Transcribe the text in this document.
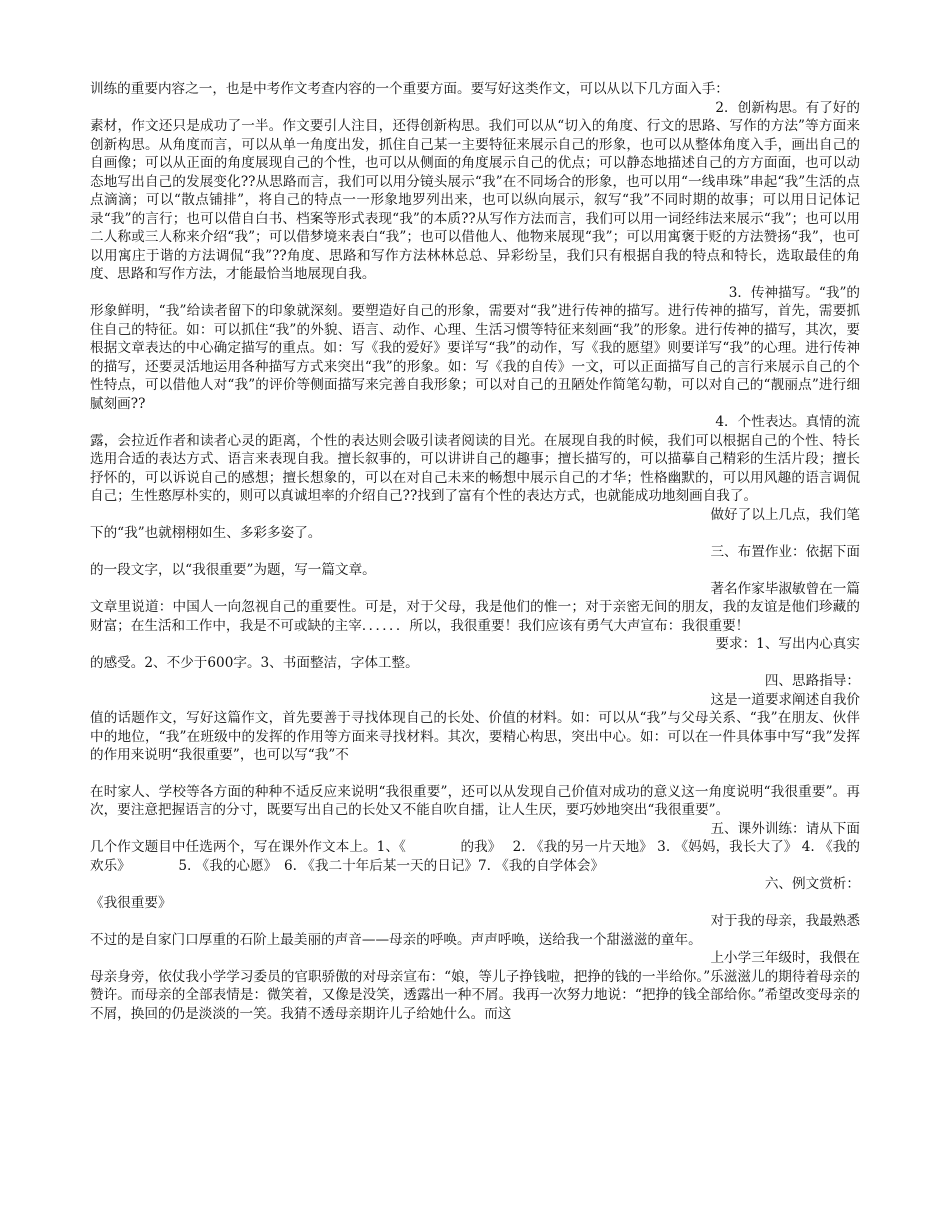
训练的重要内容之一，也是中考作文考查内容的一个重要方面。要写好这类作文，可以从以下几方面入手：
2．创新构思。有了好的
素材，作文还只是成功了一半。作文要引人注目，还得创新构思。我们可以从“切入的角度、行文的思路、写作的方法”等方面来创新构思。从角度而言，可以从单一角度出发，抓住自己某一主要特征来展示自己的形象，也可以从整体角度入手，画出自己的自画像；可以从正面的角度展现自己的个性，也可以从侧面的角度展示自己的优点；可以静态地描述自己的方方面面，也可以动态地写出自己的发展变化??从思路而言，我们可以用分镜头展示“我”在不同场合的形象，也可以用“一线串珠”串起“我”生活的点点滴滴；可以“散点铺排”，将自己的特点一一形象地罗列出来，也可以纵向展示，叙写“我”不同时期的故事；可以用日记体记录“我”的言行；也可以借自白书、档案等形式表现“我”的本质??从写作方法而言，我们可以用一词经纬法来展示“我”；也可以用二人称或三人称来介绍“我”；可以借梦境来表白“我”；也可以借他人、他物来展现“我”；可以用寓褒于贬的方法赞扬“我”，也可以用寓庄于谐的方法调侃“我”??角度、思路和写作方法林林总总、异彩纷呈，我们只有根据自我的特点和特长，选取最佳的角度、思路和写作方法，才能最恰当地展现自我。
3．传神描写。“我”的
形象鲜明，“我”给读者留下的印象就深刻。要塑造好自己的形象，需要对“我”进行传神的描写。进行传神的描写，首先，需要抓住自己的特征。如：可以抓住“我”的外貌、语言、动作、心理、生活习惯等特征来刻画“我”的形象。进行传神的描写，其次，要根据文章表达的中心确定描写的重点。如：写《我的爱好》要详写“我”的动作，写《我的愿望》则要详写“我”的心理。进行传神的描写，还要灵活地运用各种描写方式来突出“我”的形象。如：写《我的自传》一文，可以正面描写自己的言行来展示自己的个性特点，可以借他人对“我”的评价等侧面描写来完善自我形象；可以对自己的丑陋处作简笔勾勒，可以对自己的“靓丽点”进行细腻刻画??
4．个性表达。真情的流
露，会拉近作者和读者心灵的距离，个性的表达则会吸引读者阅读的目光。在展现自我的时候，我们可以根据自己的个性、特长选用合适的表达方式、语言来表现自我。擅长叙事的，可以讲讲自己的趣事；擅长描写的，可以描摹自己精彩的生活片段；擅长抒怀的，可以诉说自己的感想；擅长想象的，可以在对自己未来的畅想中展示自己的才华；性格幽默的，可以用风趣的语言调侃自己；生性憨厚朴实的，则可以真诚坦率的介绍自己??找到了富有个性的表达方式，也就能成功地刻画自我了。
做好了以上几点，我们笔
下的“我”也就栩栩如生、多彩多姿了。
三、布置作业：依据下面
的一段文字，以“我很重要”为题，写一篇文章。
著名作家毕淑敏曾在一篇
文章里说道：中国人一向忽视自己的重要性。可是，对于父母，我是他们的惟一；对于亲密无间的朋友，我的友谊是他们珍藏的财富；在生活和工作中，我是不可或缺的主宰．．．．．．所以，我很重要！我们应该有勇气大声宣布：我很重要！
要求：1、写出内心真实
的感受。2、不少于600字。3、书面整洁，字体工整。
四、思路指导：
这是一道要求阐述自我价
值的话题作文，写好这篇作文，首先要善于寻找体现自己的长处、价值的材料。如：可以从“我”与父母关系、“我”在朋友、伙伴中的地位，“我”在班级中的发挥的作用等方面来寻找材料。其次，要精心构思，突出中心。如：可以在一件具体事中写“我”发挥的作用来说明“我很重要”，也可以写“我”不
在时家人、学校等各方面的种种不适反应来说明“我很重要”，还可以从发现自己价值对成功的意义这一角度说明“我很重要”。再次，要注意把握语言的分寸，既要写出自己的长处又不能自吹自擂，让人生厌，要巧妙地突出“我很重要”。
五、课外训练：请从下面
几个作文题目中任选两个，写在课外作文本上。1、《　　　　的我》　 2. 《我的另一片天地》 3. 《妈妈，我长大了》 4. 《我的欢乐》　　　　5. 《我的心愿》　6. 《我二十年后某一天的日记》7. 《我的自学体会》
六、例文赏析：
《我很重要》
对于我的母亲，我最熟悉
不过的是自家门口厚重的石阶上最美丽的声音——母亲的呼唤。声声呼唤，送给我一个甜滋滋的童年。
上小学三年级时，我偎在
母亲身旁，依仗我小学学习委员的官职骄傲的对母亲宣布：“娘，等儿子挣钱啦，把挣的钱的一半给你。”乐滋滋儿的期待着母亲的赞许。而母亲的全部表情是：微笑着，又像是没笑，透露出一种不屑。我再一次努力地说：“把挣的钱全部给你。”希望改变母亲的不屑，换回的仍是淡淡的一笑。我猜不透母亲期许儿子给她什么。而这
